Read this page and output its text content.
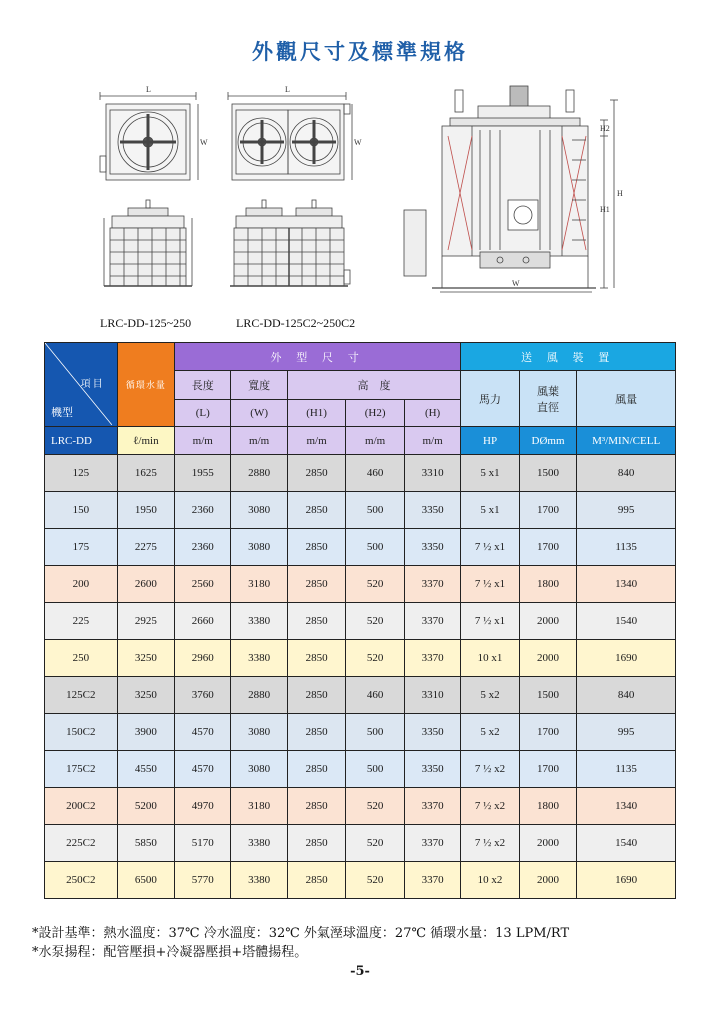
外觀尺寸及標準規格
L
W
L
W
H2
H1
H
W
LRC-DD-125~250	LRC-DD-125C2~250C2
項目
機型	循環水量	外 型 尺 寸					送 風 裝 置		
		長度	寬度	高　度			馬力	風葉
直徑	風量
		(L)	(W)	(H1)	(H2)	(H)			
LRC-DD	ℓ/min	m/m	m/m	m/m	m/m	m/m	HP	DØmm	M³/MIN/CELL
125	1625	1955	2880	2850	460	3310	5 x1	1500	840
150	1950	2360	3080	2850	500	3350	5 x1	1700	995
175	2275	2360	3080	2850	500	3350	7 ½ x1	1700	1135
200	2600	2560	3180	2850	520	3370	7 ½ x1	1800	1340
225	2925	2660	3380	2850	520	3370	7 ½ x1	2000	1540
250	3250	2960	3380	2850	520	3370	10 x1	2000	1690
125C2	3250	3760	2880	2850	460	3310	5 x2	1500	840
150C2	3900	4570	3080	2850	500	3350	5 x2	1700	995
175C2	4550	4570	3080	2850	500	3350	7 ½ x2	1700	1135
200C2	5200	4970	3180	2850	520	3370	7 ½ x2	1800	1340
225C2	5850	5170	3380	2850	520	3370	7 ½ x2	2000	1540
250C2	6500	5770	3380	2850	520	3370	10 x2	2000	1690
*設計基準：熱水溫度：37℃ 冷水溫度：32℃ 外氣溼球溫度：27℃ 循環水量：13 LPM/RT
*水泵揚程：配管壓損+冷凝器壓損+塔體揚程。
-5-
